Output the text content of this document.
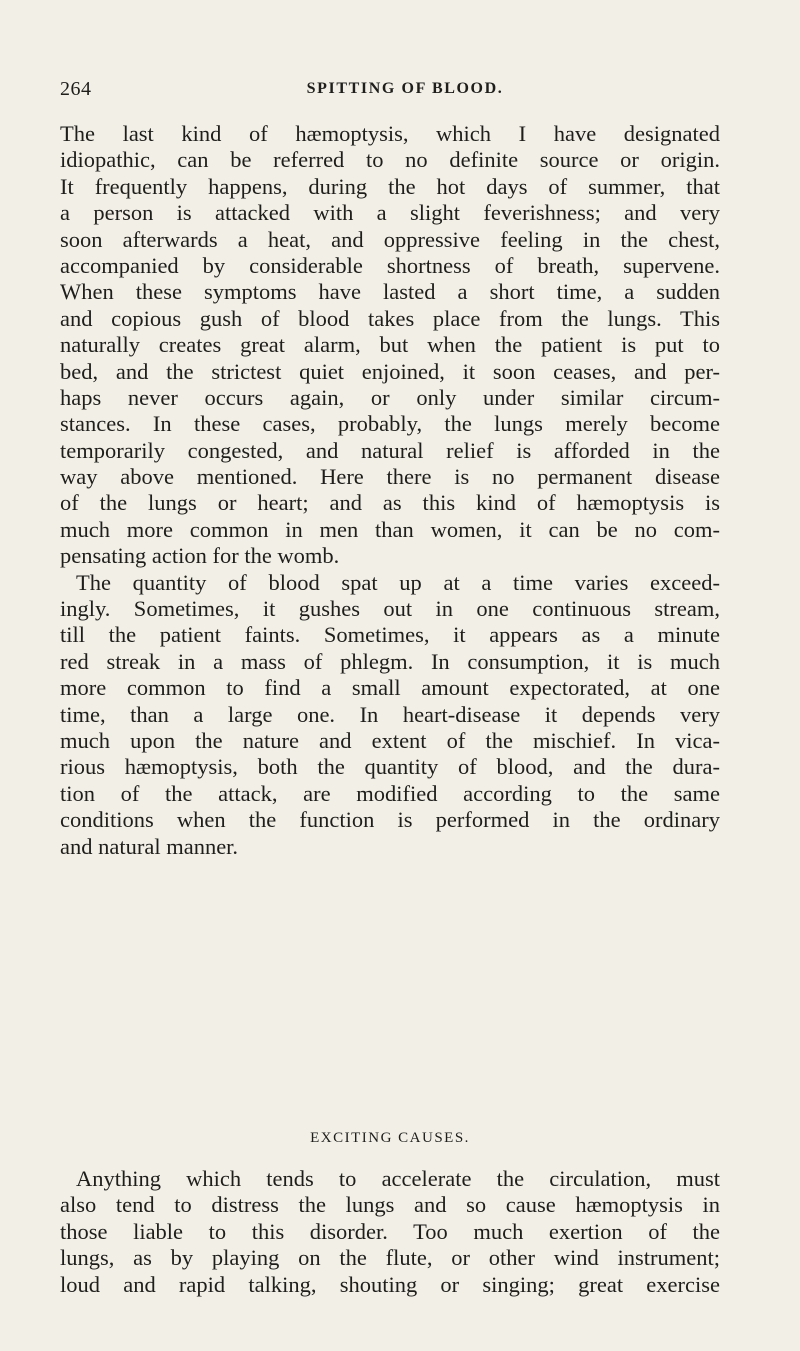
264	SPITTING OF BLOOD.
The last kind of hæmoptysis, which I have designated
idiopathic, can be referred to no definite source or origin.
It frequently happens, during the hot days of summer, that
a person is attacked with a slight feverishness; and very
soon afterwards a heat, and oppressive feeling in the chest,
accompanied by considerable shortness of breath, supervene.
When these symptoms have lasted a short time, a sudden
and copious gush of blood takes place from the lungs. This
naturally creates great alarm, but when the patient is put to
bed, and the strictest quiet enjoined, it soon ceases, and per-
haps never occurs again, or only under similar circum-
stances. In these cases, probably, the lungs merely become
temporarily congested, and natural relief is afforded in the
way above mentioned. Here there is no permanent disease
of the lungs or heart; and as this kind of hæmoptysis is
much more common in men than women, it can be no com-
pensating action for the womb.
The quantity of blood spat up at a time varies exceed-
ingly. Sometimes, it gushes out in one continuous stream,
till the patient faints. Sometimes, it appears as a minute
red streak in a mass of phlegm. In consumption, it is much
more common to find a small amount expectorated, at one
time, than a large one. In heart-disease it depends very
much upon the nature and extent of the mischief. In vica-
rious hæmoptysis, both the quantity of blood, and the dura-
tion of the attack, are modified according to the same
conditions when the function is performed in the ordinary
and natural manner.
EXCITING CAUSES.
Anything which tends to accelerate the circulation, must
also tend to distress the lungs and so cause hæmoptysis in
those liable to this disorder. Too much exertion of the
lungs, as by playing on the flute, or other wind instrument;
loud and rapid talking, shouting or singing; great exercise
